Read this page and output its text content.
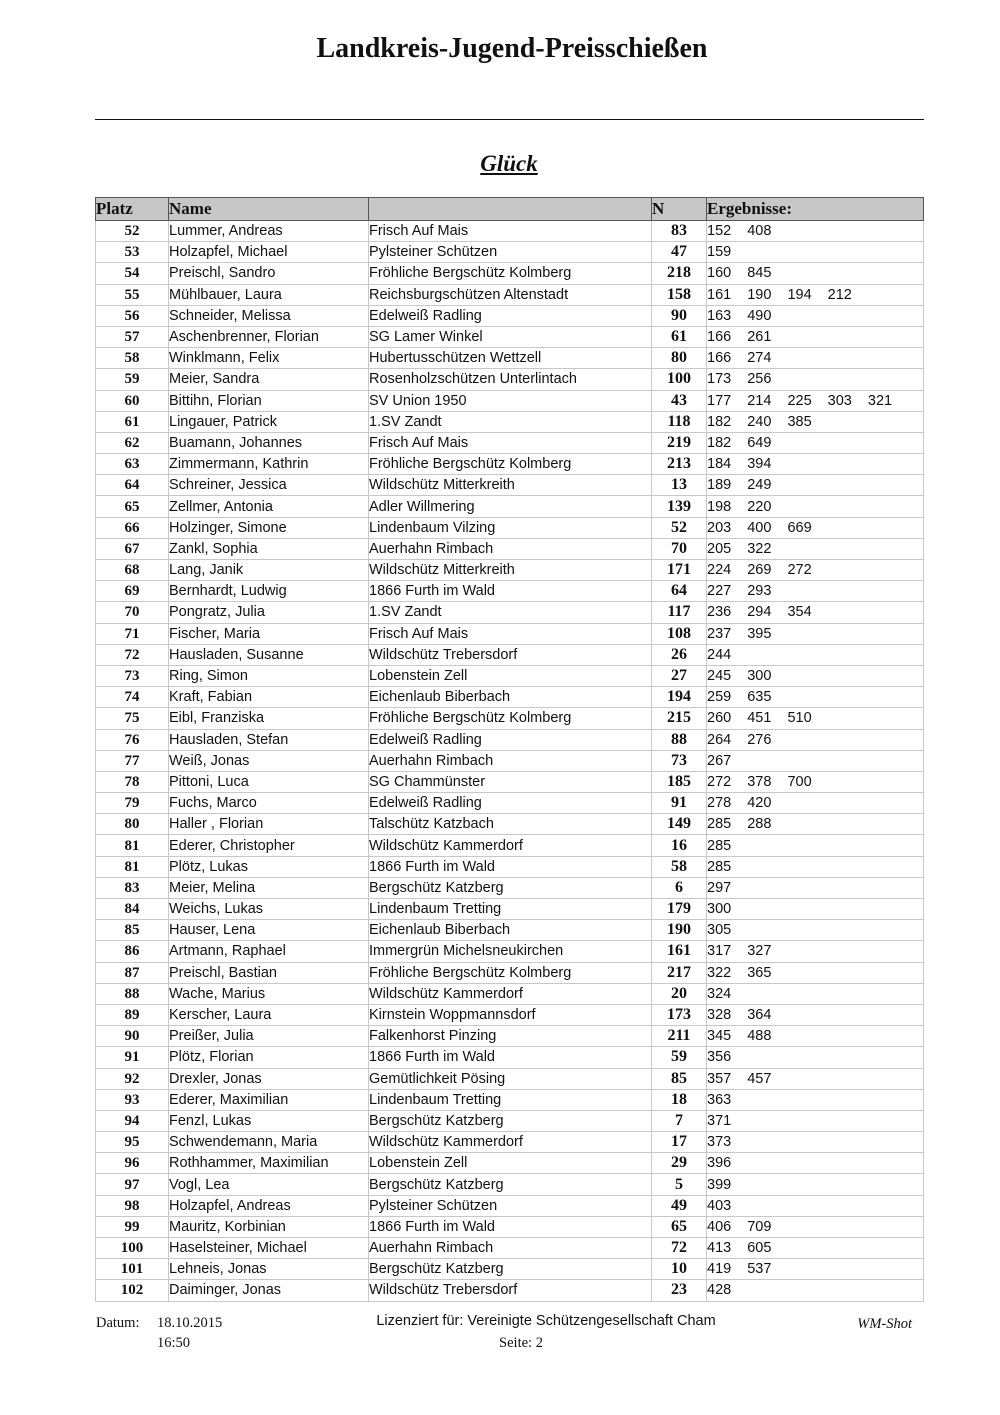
Landkreis-Jugend-Preisschießen
Glück
Platz	Name		N	Ergebnisse:
52	Lummer, Andreas	Frisch Auf Mais	83	152 408
53	Holzapfel, Michael	Pylsteiner Schützen	47	159
54	Preischl, Sandro	Fröhliche Bergschütz Kolmberg	218	160 845
55	Mühlbauer, Laura	Reichsburgschützen Altenstadt	158	161 190 194 212
56	Schneider, Melissa	Edelweiß Radling	90	163 490
57	Aschenbrenner, Florian	SG Lamer Winkel	61	166 261
58	Winklmann, Felix	Hubertusschützen Wettzell	80	166 274
59	Meier, Sandra	Rosenholzschützen Unterlintach	100	173 256
60	Bittihn, Florian	SV Union 1950	43	177 214 225 303 321
61	Lingauer, Patrick	1.SV Zandt	118	182 240 385
62	Buamann, Johannes	Frisch Auf Mais	219	182 649
63	Zimmermann, Kathrin	Fröhliche Bergschütz Kolmberg	213	184 394
64	Schreiner, Jessica	Wildschütz Mitterkreith	13	189 249
65	Zellmer, Antonia	Adler Willmering	139	198 220
66	Holzinger, Simone	Lindenbaum Vilzing	52	203 400 669
67	Zankl, Sophia	Auerhahn Rimbach	70	205 322
68	Lang, Janik	Wildschütz Mitterkreith	171	224 269 272
69	Bernhardt, Ludwig	1866 Furth im Wald	64	227 293
70	Pongratz, Julia	1.SV Zandt	117	236 294 354
71	Fischer, Maria	Frisch Auf Mais	108	237 395
72	Hausladen, Susanne	Wildschütz Trebersdorf	26	244
73	Ring, Simon	Lobenstein Zell	27	245 300
74	Kraft, Fabian	Eichenlaub Biberbach	194	259 635
75	Eibl, Franziska	Fröhliche Bergschütz Kolmberg	215	260 451 510
76	Hausladen, Stefan	Edelweiß Radling	88	264 276
77	Weiß, Jonas	Auerhahn Rimbach	73	267
78	Pittoni, Luca	SG Chammünster	185	272 378 700
79	Fuchs, Marco	Edelweiß Radling	91	278 420
80	Haller , Florian	Talschütz Katzbach	149	285 288
81	Ederer, Christopher	Wildschütz Kammerdorf	16	285
81	Plötz, Lukas	1866 Furth im Wald	58	285
83	Meier, Melina	Bergschütz Katzberg	6	297
84	Weichs, Lukas	Lindenbaum Tretting	179	300
85	Hauser, Lena	Eichenlaub Biberbach	190	305
86	Artmann, Raphael	Immergrün Michelsneukirchen	161	317 327
87	Preischl, Bastian	Fröhliche Bergschütz Kolmberg	217	322 365
88	Wache, Marius	Wildschütz Kammerdorf	20	324
89	Kerscher, Laura	Kirnstein Woppmannsdorf	173	328 364
90	Preißer, Julia	Falkenhorst Pinzing	211	345 488
91	Plötz, Florian	1866 Furth im Wald	59	356
92	Drexler, Jonas	Gemütlichkeit Pösing	85	357 457
93	Ederer, Maximilian	Lindenbaum Tretting	18	363
94	Fenzl, Lukas	Bergschütz Katzberg	7	371
95	Schwendemann, Maria	Wildschütz Kammerdorf	17	373
96	Rothhammer, Maximilian	Lobenstein Zell	29	396
97	Vogl, Lea	Bergschütz Katzberg	5	399
98	Holzapfel, Andreas	Pylsteiner Schützen	49	403
99	Mauritz, Korbinian	1866 Furth im Wald	65	406 709
100	Haselsteiner, Michael	Auerhahn Rimbach	72	413 605
101	Lehneis, Jonas	Bergschütz Katzberg	10	419 537
102	Daiminger, Jonas	Wildschütz Trebersdorf	23	428
Datum: 18.10.2015
16:50
Lizenziert für: Vereinigte Schützengesellschaft Cham
Seite: 2
WM-Shot
